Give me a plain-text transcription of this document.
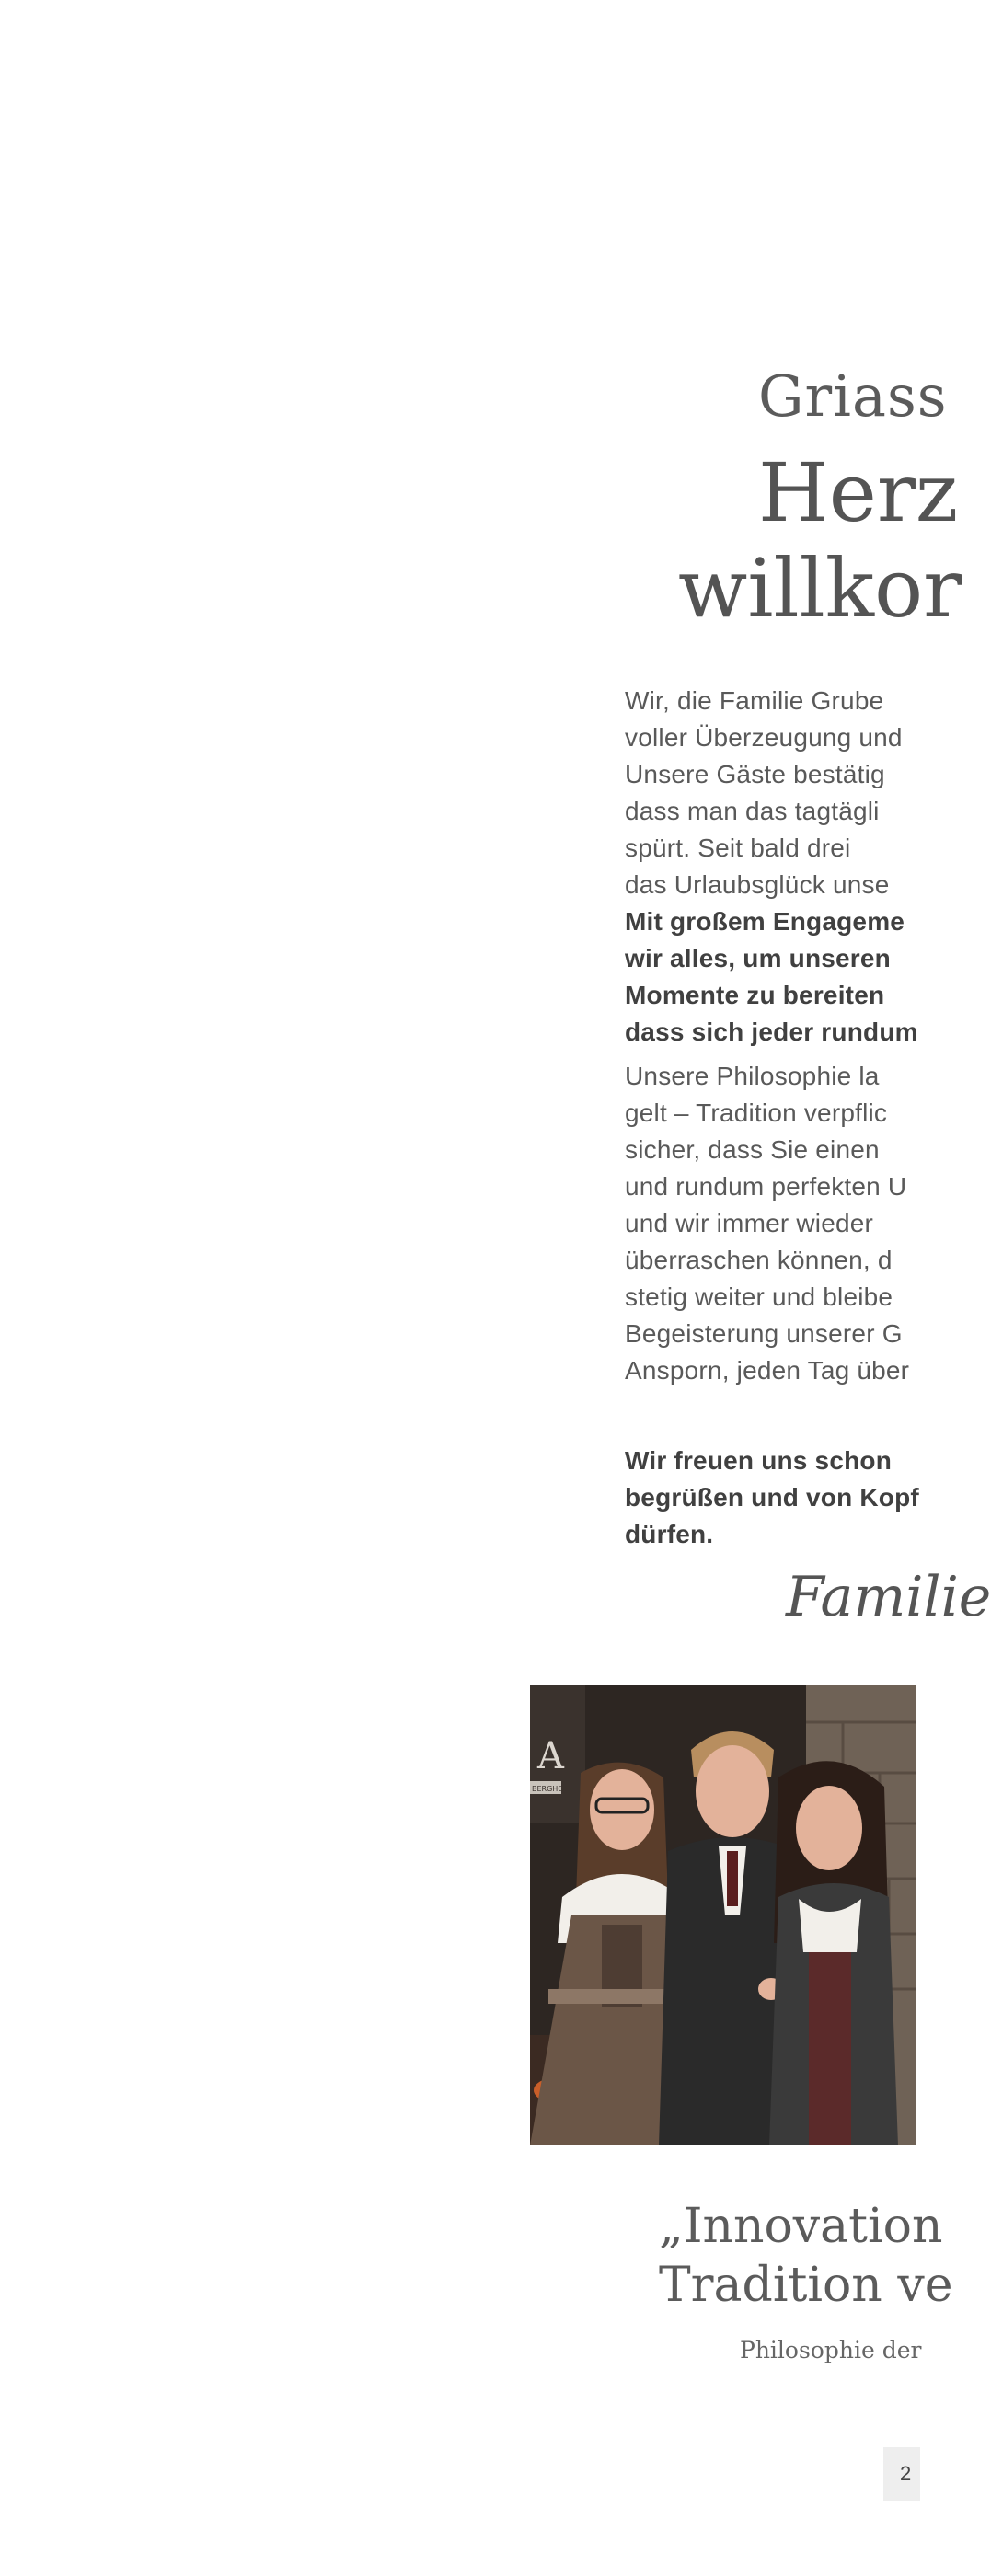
Griass
Herz
willkor
Wir, die Familie Grube
voller Überzeugung und
Unsere Gäste bestätig
dass man das tagtägli
spürt. Seit bald drei
das Urlaubsglück unse
Mit großem Engageme
wir alles, um unseren
Momente zu bereiten
dass sich jeder rundum
Unsere Philosophie la
gelt – Tradition verpflic
sicher, dass Sie einen
und rundum perfekten U
und wir immer wieder
überraschen können, d
stetig weiter und bleibe
Begeisterung unserer G
Ansporn, jeden Tag über
Wir freuen uns schon
begrüßen und von Kopf
dürfen.
Familie
A
BERGHOF
„Innovation
Tradition ve
Philosophie der
2
